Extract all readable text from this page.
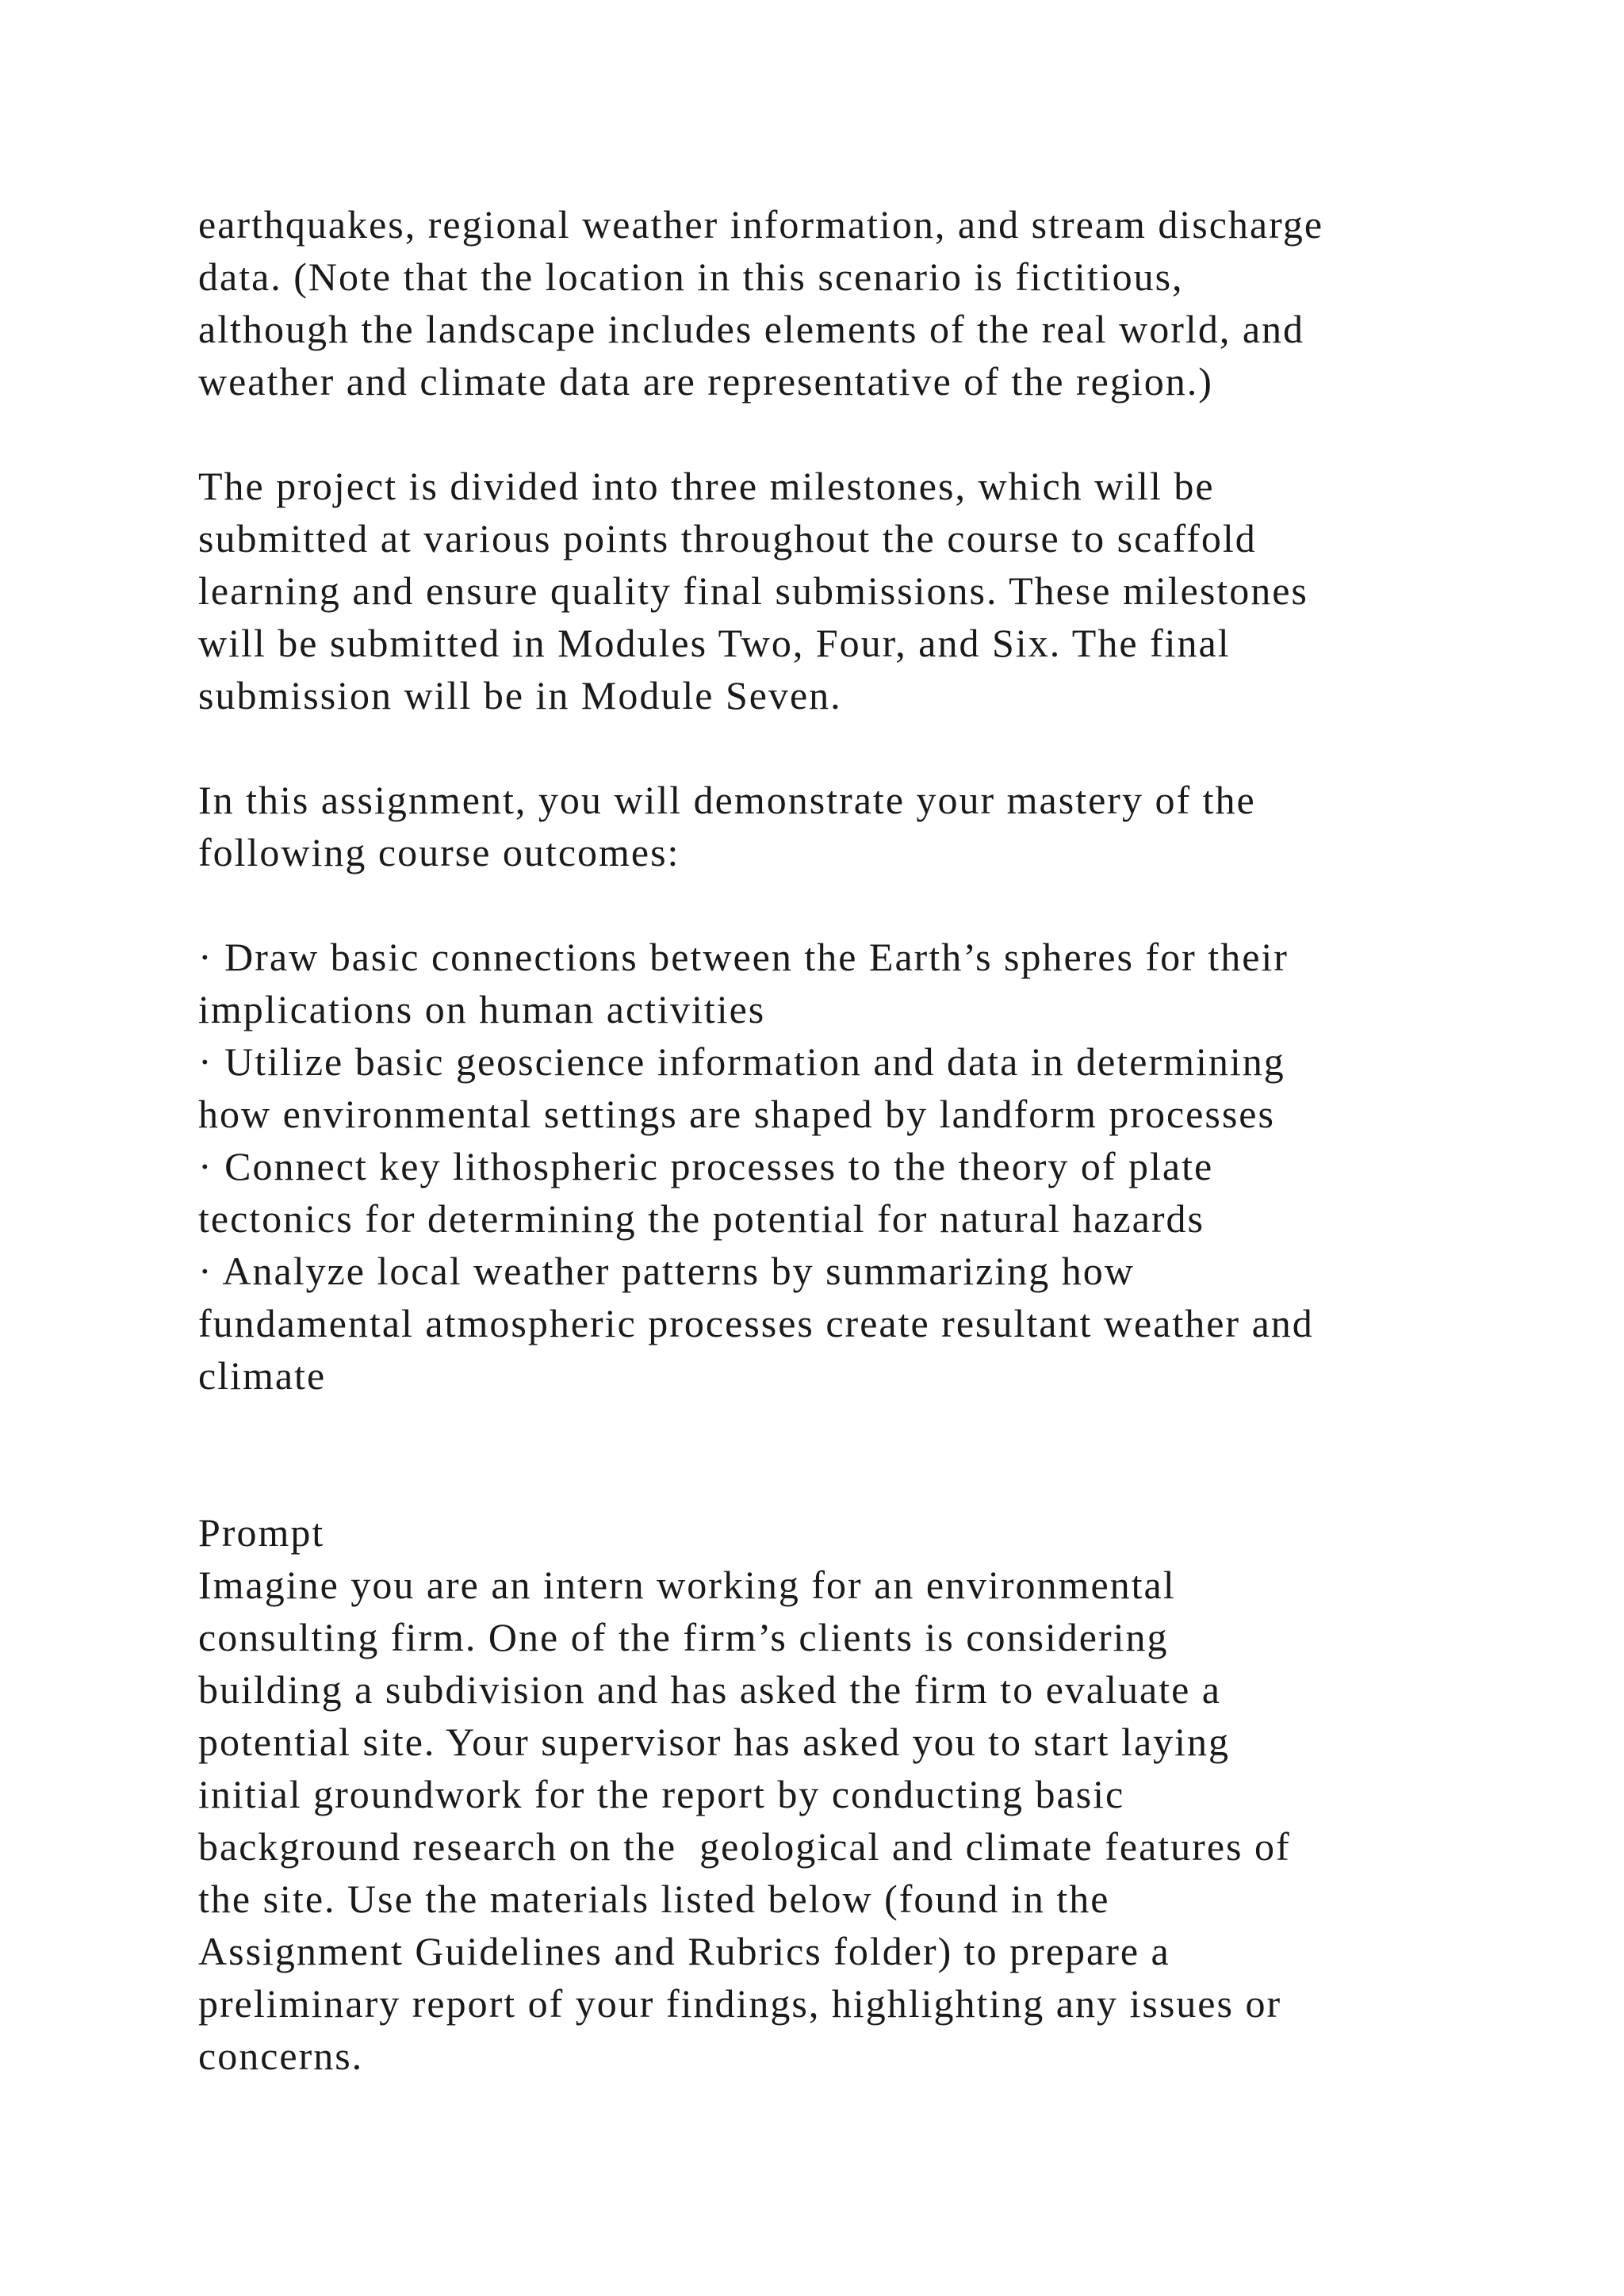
earthquakes, regional weather information, and stream discharge
data. (Note that the location in this scenario is fictitious,
although the landscape includes elements of the real world, and
weather and climate data are representative of the region.)
The project is divided into three milestones, which will be
submitted at various points throughout the course to scaffold
learning and ensure quality final submissions. These milestones
will be submitted in Modules Two, Four, and Six. The final
submission will be in Module Seven.
In this assignment, you will demonstrate your mastery of the
following course outcomes:
· Draw basic connections between the Earth’s spheres for their
implications on human activities
· Utilize basic geoscience information and data in determining
how environmental settings are shaped by landform processes
· Connect key lithospheric processes to the theory of plate
tectonics for determining the potential for natural hazards
· Analyze local weather patterns by summarizing how
fundamental atmospheric processes create resultant weather and
climate
Prompt
Imagine you are an intern working for an environmental
consulting firm. One of the firm’s clients is considering
building a subdivision and has asked the firm to evaluate a
potential site. Your supervisor has asked you to start laying
initial groundwork for the report by conducting basic
background research on the  geological and climate features of
the site. Use the materials listed below (found in the
Assignment Guidelines and Rubrics folder) to prepare a
preliminary report of your findings, highlighting any issues or
concerns.
